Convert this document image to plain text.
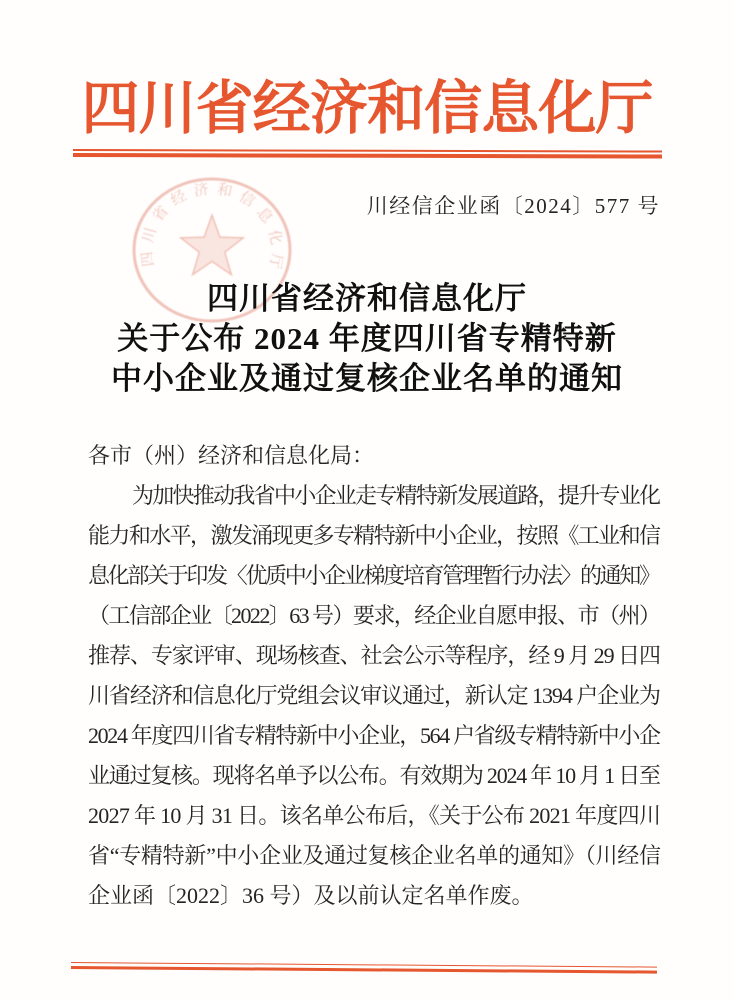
四川省经济和信息化厅
四川省经济和信息化厅
川经信企业函〔2024〕577 号
四川省经济和信息化厅
关于公布 2024 年度四川省专精特新
中小企业及通过复核企业名单的通知
各市（州）经济和信息化局：
为加快推动我省中小企业走专精特新发展道路，提升专业化
能力和水平，激发涌现更多专精特新中小企业，按照《工业和信
息化部关于印发〈优质中小企业梯度培育管理暂行办法〉的通知》
（工信部企业〔2022〕63 号）要求，经企业自愿申报、市（州）
推荐、专家评审、现场核查、社会公示等程序，经 9 月 29 日四
川省经济和信息化厅党组会议审议通过，新认定 1394 户企业为
2024 年度四川省专精特新中小企业，564 户省级专精特新中小企
业通过复核。现将名单予以公布。有效期为 2024 年 10 月 1 日至
2027 年 10 月 31 日。该名单公布后，《关于公布 2021 年度四川
省“专精特新”中小企业及通过复核企业名单的通知》（川经信
企业函〔2022〕36 号）及以前认定名单作废。
